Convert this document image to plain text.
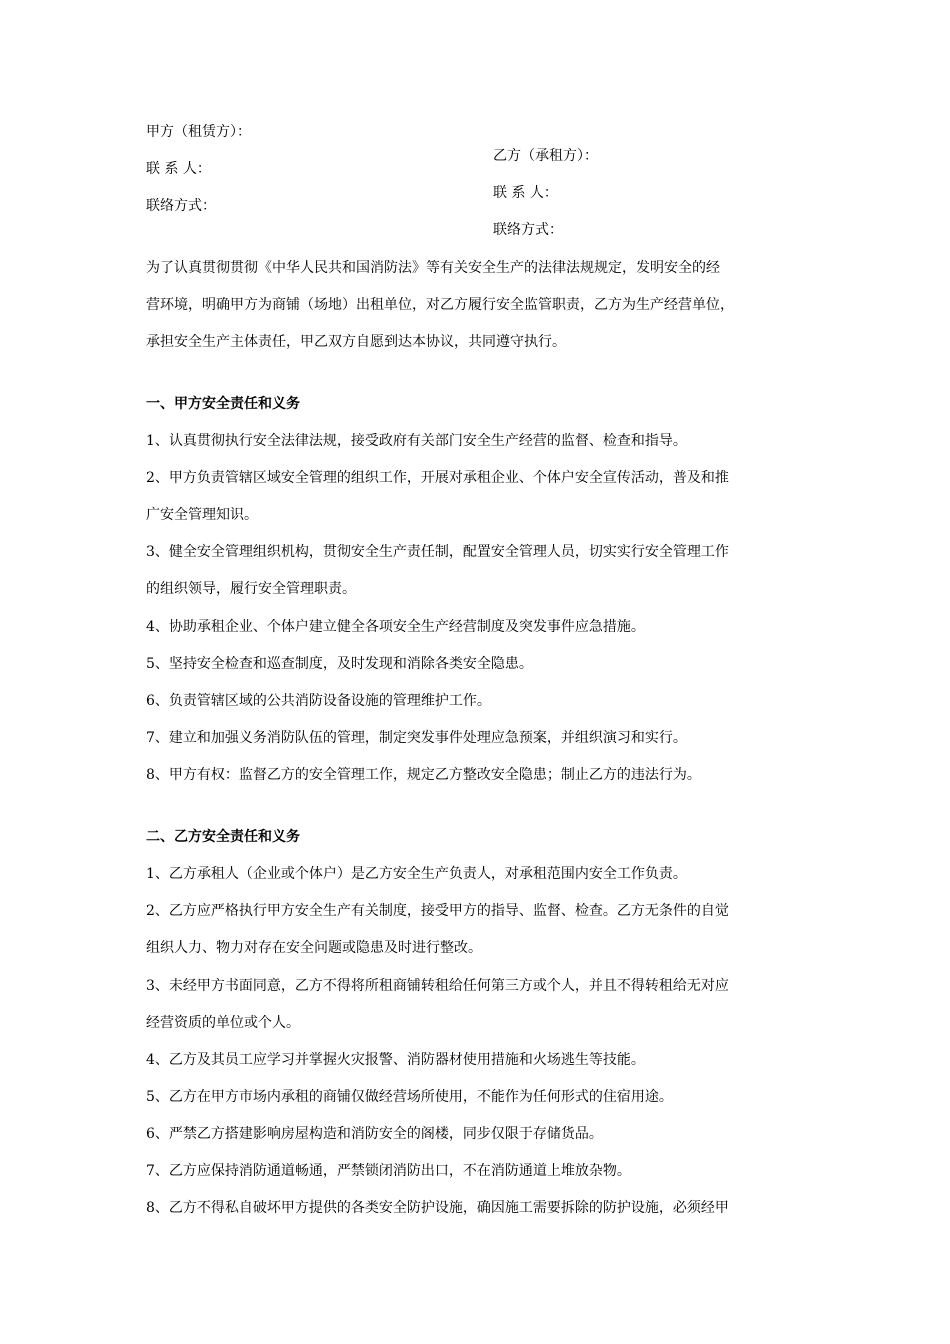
甲方（租赁方）：
联 系 人：
联络方式：
乙方（承租方）：
联 系 人：
联络方式：
为了认真贯彻贯彻《中华人民共和国消防法》等有关安全生产的法律法规规定，发明安全的经
营环境，明确甲方为商铺（场地）出租单位，对乙方履行安全监管职责，乙方为生产经营单位，
承担安全生产主体责任，甲乙双方自愿到达本协议，共同遵守执行。
一、甲方安全责任和义务
1、认真贯彻执行安全法律法规，接受政府有关部门安全生产经营的监督、检查和指导。
2、甲方负责管辖区域安全管理的组织工作，开展对承租企业、个体户安全宣传活动，普及和推
广安全管理知识。
3、健全安全管理组织机构，贯彻安全生产责任制，配置安全管理人员，切实实行安全管理工作
的组织领导，履行安全管理职责。
4、协助承租企业、个体户建立健全各项安全生产经营制度及突发事件应急措施。
5、坚持安全检查和巡查制度，及时发现和消除各类安全隐患。
6、负责管辖区域的公共消防设备设施的管理维护工作。
7、建立和加强义务消防队伍的管理，制定突发事件处理应急预案，并组织演习和实行。
8、甲方有权：监督乙方的安全管理工作，规定乙方整改安全隐患；制止乙方的违法行为。
二、乙方安全责任和义务
1、乙方承租人（企业或个体户）是乙方安全生产负责人，对承租范围内安全工作负责。
2、乙方应严格执行甲方安全生产有关制度，接受甲方的指导、监督、检查。乙方无条件的自觉
组织人力、物力对存在安全问题或隐患及时进行整改。
3、未经甲方书面同意，乙方不得将所租商铺转租给任何第三方或个人，并且不得转租给无对应
经营资质的单位或个人。
4、乙方及其员工应学习并掌握火灾报警、消防器材使用措施和火场逃生等技能。
5、乙方在甲方市场内承租的商铺仅做经营场所使用，不能作为任何形式的住宿用途。
6、严禁乙方搭建影响房屋构造和消防安全的阁楼，同步仅限于存储货品。
7、乙方应保持消防通道畅通，严禁锁闭消防出口，不在消防通道上堆放杂物。
8、乙方不得私自破坏甲方提供的各类安全防护设施，确因施工需要拆除的防护设施，必须经甲
